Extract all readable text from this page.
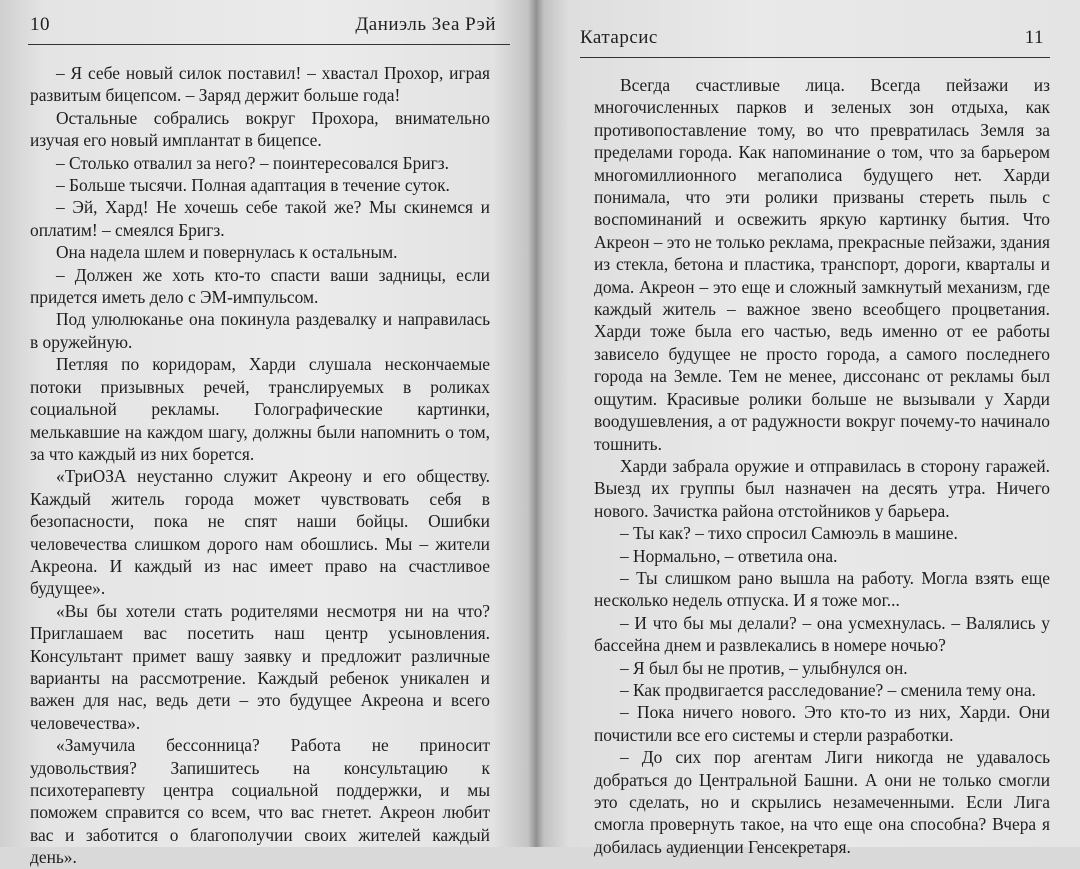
10	Даниэль Зеа Рэй

– Я себе новый силок поставил! – хвастал Прохор, играя развитым бицепсом. – Заряд держит больше года!

Остальные собрались вокруг Прохора, внимательно изучая его новый имплантат в бицепсе.

– Столько отвалил за него? – поинтересовался Бригз.

– Больше тысячи. Полная адаптация в течение суток.

– Эй, Хард! Не хочешь себе такой же? Мы скинемся и оплатим! – смеялся Бригз.

Она надела шлем и повернулась к остальным.

– Должен же хоть кто-то спасти ваши задницы, если придется иметь дело с ЭМ-импульсом.

Под улюлюканье она покинула раздевалку и направилась в оружейную.

Петляя по коридорам, Харди слушала нескончаемые потоки призывных речей, транслируемых в роликах социальной рекламы. Голографические картинки, мелькавшие на каждом шагу, должны были напомнить о том, за что каждый из них борется.

«ТриОЗА неустанно служит Акреону и его обществу. Каждый житель города может чувствовать себя в безопасности, пока не спят наши бойцы. Ошибки человечества слишком дорого нам обошлись. Мы – жители Акреона. И каждый из нас имеет право на счастливое будущее».

«Вы бы хотели стать родителями несмотря ни на что? Приглашаем вас посетить наш центр усыновления. Консультант примет вашу заявку и предложит различные варианты на рассмотрение. Каждый ребенок уникален и важен для нас, ведь дети – это будущее Акреона и всего человечества».

«Замучила бессонница? Работа не приносит удовольствия? Запишитесь на консультацию к психотерапевту центра социальной поддержки, и мы поможем справится со всем, что вас гнетет. Акреон любит вас и заботится о благополучии своих жителей каждый день».

Катарсис	11

Всегда счастливые лица. Всегда пейзажи из многочисленных парков и зеленых зон отдыха, как противопоставление тому, во что превратилась Земля за пределами города. Как напоминание о том, что за барьером многомиллионного мегаполиса будущего нет. Харди понимала, что эти ролики призваны стереть пыль с воспоминаний и освежить яркую картинку бытия. Что Акреон – это не только реклама, прекрасные пейзажи, здания из стекла, бетона и пластика, транспорт, дороги, кварталы и дома. Акреон – это еще и сложный замкнутый механизм, где каждый житель – важное звено всеобщего процветания. Харди тоже была его частью, ведь именно от ее работы зависело будущее не просто города, а самого последнего города на Земле. Тем не менее, диссонанс от рекламы был ощутим. Красивые ролики больше не вызывали у Харди воодушевления, а от радужности вокруг почему-то начинало тошнить.

Харди забрала оружие и отправилась в сторону гаражей. Выезд их группы был назначен на десять утра. Ничего нового. Зачистка района отстойников у барьера.

– Ты как? – тихо спросил Самюэль в машине.

– Нормально, – ответила она.

– Ты слишком рано вышла на работу. Могла взять еще несколько недель отпуска. И я тоже мог...

– И что бы мы делали? – она усмехнулась. – Валялись у бассейна днем и развлекались в номере ночью?

– Я был бы не против, – улыбнулся он.

– Как продвигается расследование? – сменила тему она.

– Пока ничего нового. Это кто-то из них, Харди. Они почистили все его системы и стерли разработки.

– До сих пор агентам Лиги никогда не удавалось добраться до Центральной Башни. А они не только смогли это сделать, но и скрылись незамеченными. Если Лига смогла провернуть такое, на что еще она способна? Вчера я добилась аудиенции Генсекретаря.
